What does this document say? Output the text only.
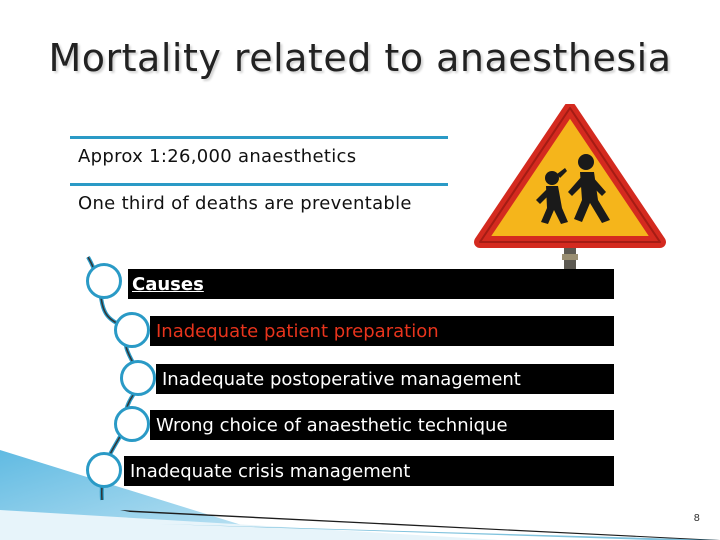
Mortality related to anaesthesia
Approx 1:26,000 anaesthetics
One third of deaths are preventable
Causes
Inadequate patient preparation
Inadequate postoperative management
Wrong choice of anaesthetic technique
Inadequate crisis management
8
